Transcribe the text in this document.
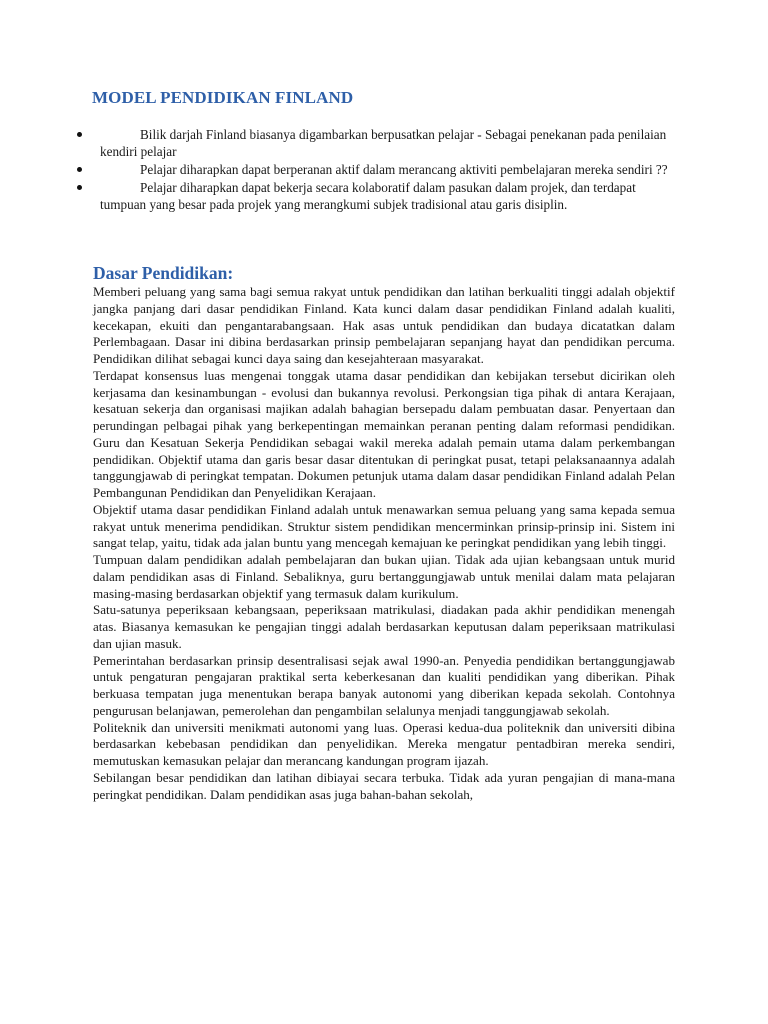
MODEL PENDIDIKAN FINLAND
Bilik darjah Finland biasanya digambarkan berpusatkan pelajar - Sebagai penekanan pada penilaian kendiri pelajar
Pelajar diharapkan dapat berperanan aktif dalam merancang aktiviti pembelajaran mereka sendiri ??
Pelajar diharapkan dapat bekerja secara kolaboratif dalam pasukan dalam projek, dan terdapat tumpuan yang besar pada projek yang merangkumi subjek tradisional atau garis disiplin.
Dasar Pendidikan:

Memberi peluang yang sama bagi semua rakyat untuk pendidikan dan latihan berkualiti tinggi adalah objektif jangka panjang dari dasar pendidikan Finland. Kata kunci dalam dasar pendidikan Finland adalah kualiti, kecekapan, ekuiti dan pengantarabangsaan. Hak asas untuk pendidikan dan budaya dicatatkan dalam Perlembagaan. Dasar ini dibina berdasarkan prinsip pembelajaran sepanjang hayat dan pendidikan percuma. Pendidikan dilihat sebagai kunci daya saing dan kesejahteraan masyarakat.

Terdapat konsensus luas mengenai tonggak utama dasar pendidikan dan kebijakan tersebut dicirikan oleh kerjasama dan kesinambungan - evolusi dan bukannya revolusi. Perkongsian tiga pihak di antara Kerajaan, kesatuan sekerja dan organisasi majikan adalah bahagian bersepadu dalam pembuatan dasar. Penyertaan dan perundingan pelbagai pihak yang berkepentingan memainkan peranan penting dalam reformasi pendidikan. Guru dan Kesatuan Sekerja Pendidikan sebagai wakil mereka adalah pemain utama dalam perkembangan pendidikan. Objektif utama dan garis besar dasar ditentukan di peringkat pusat, tetapi pelaksanaannya adalah tanggungjawab di peringkat tempatan. Dokumen petunjuk utama dalam dasar pendidikan Finland adalah Pelan Pembangunan Pendidikan dan Penyelidikan Kerajaan.

Objektif utama dasar pendidikan Finland adalah untuk menawarkan semua peluang yang sama kepada semua rakyat untuk menerima pendidikan. Struktur sistem pendidikan mencerminkan prinsip-prinsip ini. Sistem ini sangat telap, yaitu, tidak ada jalan buntu yang mencegah kemajuan ke peringkat pendidikan yang lebih tinggi.

Tumpuan dalam pendidikan adalah pembelajaran dan bukan ujian. Tidak ada ujian kebangsaan untuk murid dalam pendidikan asas di Finland. Sebaliknya, guru bertanggungjawab untuk menilai dalam mata pelajaran masing-masing berdasarkan objektif yang termasuk dalam kurikulum.

Satu-satunya peperiksaan kebangsaan, peperiksaan matrikulasi, diadakan pada akhir pendidikan menengah atas. Biasanya kemasukan ke pengajian tinggi adalah berdasarkan keputusan dalam peperiksaan matrikulasi dan ujian masuk.

Pemerintahan berdasarkan prinsip desentralisasi sejak awal 1990-an. Penyedia pendidikan bertanggungjawab untuk pengaturan pengajaran praktikal serta keberkesanan dan kualiti pendidikan yang diberikan. Pihak berkuasa tempatan juga menentukan berapa banyak autonomi yang diberikan kepada sekolah. Contohnya pengurusan belanjawan, pemerolehan dan pengambilan selalunya menjadi tanggungjawab sekolah.

Politeknik dan universiti menikmati autonomi yang luas. Operasi kedua-dua politeknik dan universiti dibina berdasarkan kebebasan pendidikan dan penyelidikan. Mereka mengatur pentadbiran mereka sendiri, memutuskan kemasukan pelajar dan merancang kandungan program ijazah.

Sebilangan besar pendidikan dan latihan dibiayai secara terbuka. Tidak ada yuran pengajian di mana-mana peringkat pendidikan. Dalam pendidikan asas juga bahan-bahan sekolah,
